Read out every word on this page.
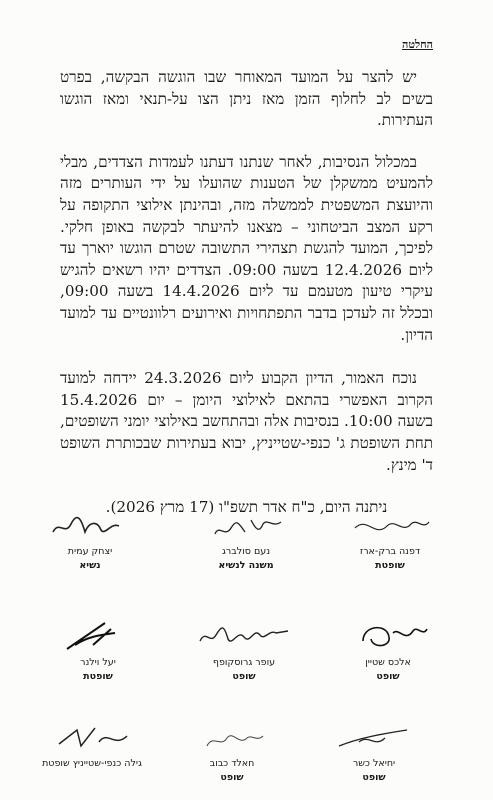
החלטה

יש להצר על המועד המאוחר שבו הוגשה הבקשה, בפרט בשים לב לחלוף הזמן מאז ניתן הצו על-תנאי ומאז הוגשו העתירות.

במכלול הנסיבות, לאחר שנתנו דעתנו לעמדות הצדדים, מבלי להמעיט ממשקלן של הטענות שהועלו על ידי העותרים מזה והיועצת המשפטית לממשלה מזה, ובהינתן אילוצי התקופה על רקע המצב הביטחוני – מצאנו להיעתר לבקשה באופן חלקי. לפיכך, המועד להגשת תצהירי התשובה שטרם הוגשו יוארך עד ליום 12.4.2026 בשעה 09:00. הצדדים יהיו רשאים להגיש עיקרי טיעון מטעמם עד ליום 14.4.2026 בשעה 09:00, ובכלל זה לעדכן בדבר התפתחויות ואירועים רלוונטיים עד למועד הדיון.

נוכח האמור, הדיון הקבוע ליום 24.3.2026 יידחה למועד הקרוב האפשרי בהתאם לאילוצי היומן – יום 15.4.2026 בשעה 10:00. בנסיבות אלה ובהתחשב באילוצי יומני השופטים, תחת השופטת ג' כנפי-שטייניץ, יבוא בעתירות שבכותרת השופט ד' מינץ.

ניתנה היום, כ"ח אדר תשפ"ו (17 מרץ 2026).
יצחק עמית
נשיא
נעם סולברג
משנה לנשיא
דפנה ברק-ארז
שופטת
יעל וילנר
שופטת
עופר גרוסקופף
שופט
אלכס שטיין
שופט
גילה כנפי-שטייניץ שופטת	חאלד כבוב
שופט
יחיאל כשר
שופט
